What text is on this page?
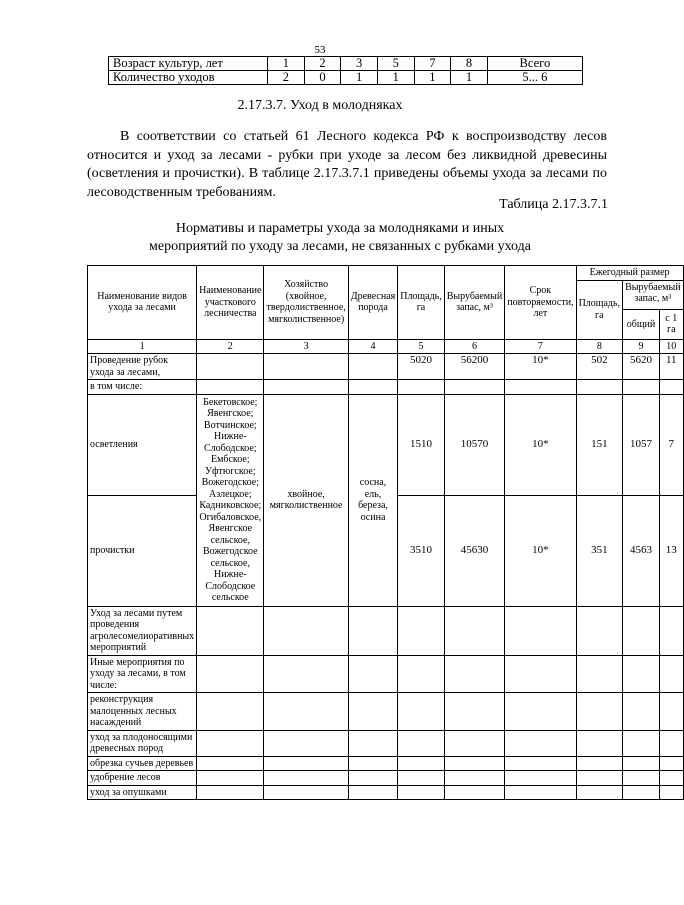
53
Возраст культур, лет	1	2	3	5	7	8	Всего
Количество уходов	2	0	1	1	1	1	5... 6
2.17.3.7. Уход в молодняках
В соответствии со статьей 61 Лесного кодекса РФ к воспроизводству лесов относится и уход за лесами - рубки при уходе за лесом без ликвидной древесины (осветления и прочистки). В таблице 2.17.3.7.1 приведены объемы ухода за лесами по лесоводственным требованиям.
Таблица 2.17.3.7.1
Нормативы и параметры ухода за молодняками и иных
мероприятий по уходу за лесами, не связанных с рубками ухода
Наименование видов ухода за лесами	Наименование участкового лесничества	Хозяйство (хвойное, твердолиственное, мягколиственное)	Древесная порода	Площадь, га	Вырубаемый запас, м³	Срок повторяемости, лет	Ежегодный размер		
							Площадь, га	Вырубаемый запас, м³	
								общий	с 1 га
1	2	3	4	5	6	7	8	9	10
Проведение рубок ухода за лесами,				5020	56200	10*	502	5620	11
в том числе:									
осветления	Бекетовское; Явенгское; Вотчинское; Нижне-Слободское; Ембское; Уфтюгское; Вожегодское; Азлецкое; Кадниковское; Огибаловское, Явенгское сельское, Вожегодское сельское, Нижне-Слободское сельское	хвойное, мягколиственное	сосна, ель, береза, осина	1510	10570	10*	151	1057	7
прочистки				3510	45630	10*	351	4563	13
Уход за лесами путем проведения агролесомелиоративных мероприятий									
Иные мероприятия по уходу за лесами, в том числе:									
реконструкция малоценных лесных насаждений									
уход за плодоносящими древесных пород									
обрезка сучьев деревьев									
удобрение лесов									
уход за опушками									
